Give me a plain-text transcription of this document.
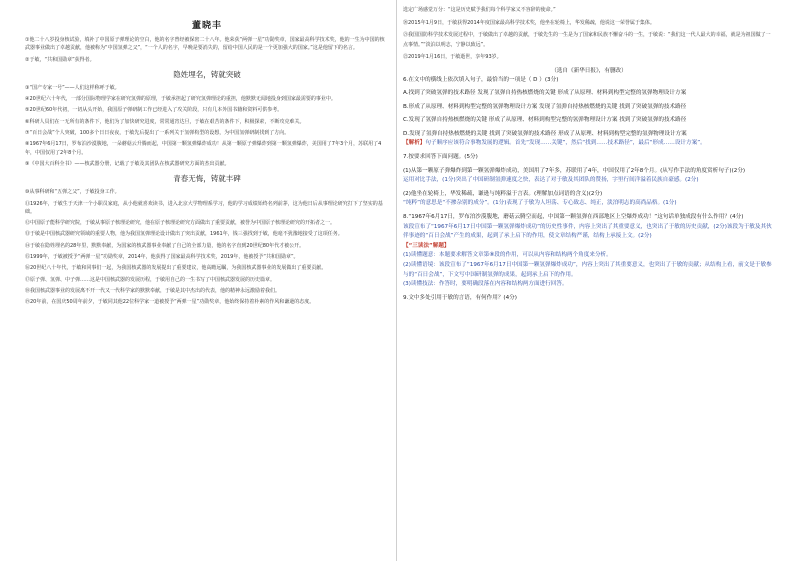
董晓丰

①他二十八岁投身核试验，填补了中国原子弹理论的空白，他的名字曾经被保密二十八年。他荣获“两弹一星”功勋奖章，国家最高科学技术奖，他的一生为中国的核武器事业做出了卓越贡献，他被称为“中国氢弹之父”，“一个人的名字，早晚是要消失的，留给中国人民的是一个更加强大的国家。”这是他留下的名言。

②于敏，“共和国勋章”获得者。

隐姓埋名，铸就突破

③“国产专家一号”——人们这样称呼于敏。

④20世纪六十年代，一部分国际物理学家在研究氢弹的原理，于敏承担起了研究氢弹理论的重担，他默默无闻地投身到国家最需要的事业中。

⑤20世纪60年代初，一切从头开始，我国原子弹研制工作已经进入了攻关阶段，只有几本外国书籍和资料可供参考。

⑥科研人员们在一无所有的条件下，他们为了加快研究进度，常常通宵达旦，于敏在艰苦的条件下，积极探索，不断攻克难关。

⑦“百日会战”个人突破，100多个日日夜夜，于敏先后提出了一系列关于氢弹构型的设想，为中国氢弹研制找到了方向。

⑧1967年6月17日，罗布泊沙漠腹地，一朵蘑菇云升腾而起，中国第一颗氢弹爆炸成功！从第一颗原子弹爆炸到第一颗氢弹爆炸，美国用了7年3个月，苏联用了4年，中国仅用了2年8个月。

⑨《中国大百科全书》——核武器分册，记载了于敏及其团队在核武器研究方面的杰出贡献。

青春无悔，铸就丰碑

⑩从事科研和“五弹之父”，于敏投身工作。

⑪1926年，于敏生于天津一个小职员家庭，从小他就喜欢读书，进入北京大学物理系学习，他的学习成绩始终名列前茅，这为他日后从事理论研究打下了坚实的基础。

⑫中国原子能科学研究院，于敏从事原子核理论研究，他在原子核理论研究方面做出了重要贡献，被誉为中国原子核理论研究的开拓者之一。

⑬于敏是中国核武器研究领域的重要人物，他为我国氢弹理论设计做出了突出贡献，1961年，钱三强找到于敏，他毫不犹豫地接受了这项任务。

⑭于敏在隐姓埋名的28年里，默默奉献，为国家的核武器事业奉献了自己的全部力量，他的名字直到20世纪80年代才被公开。

⑮1999年，于敏被授予“两弹一星”功勋奖章，2014年，他获得了国家最高科学技术奖，2019年，他被授予“共和国勋章”。

⑯20世纪八十年代，于敏和同事们一起，为我国核武器的发展提出了重要建议，他高瞻远瞩，为我国核武器事业的发展做出了重要贡献。

⑰原子弹、氢弹、中子弹……这是中国核武器的发展历程，于敏用自己的一生书写了中国核武器发展的历史篇章。

⑱我国核武器事业的发展离不开一代又一代科学家的默默奉献，于敏是其中杰出的代表，他的精神永远激励着我们。

⑲20年前，在国庆50周年前夕，于敏同其他22位科学家一道被授予“两弹一星”功勋奖章，他始终保持着朴素的作风和谦逊的态度。

选定广场感觉万分：“这是历史赋予我们每个科学家义不容辞的使命。”

⑳2015年1月9日，于敏获得2014年度国家最高科学技术奖，他坐在轮椅上，华发稀疏，他说这一荣誉属于集体。

㉑我国国防科学技术发展过程中，于敏做出了卓越的贡献，于敏先生的一生是为了国家和民族不懈奋斗的一生，于敏说：“我们这一代人最大的幸福，就是为祖国做了一点事情。”“淡泊以明志，宁静以致远”。

㉒2019年1月16日，于敏逝世，享年93岁。

（选自《新华日报》，有删改）

6.在文中的横线上依次填入句子，最恰当的一项是（ D ）(3分)

A.找到了突破氢弹的技术路径 发现了氢弹自持热核燃烧的关键 形成了从原理、材料到构型完整的氢弹物理设计方案

B.形成了从原理、材料到构型完整的氢弹物理设计方案 发现了氢弹自持热核燃烧的关键 找到了突破氢弹的技术路径

C.发现了氢弹自持热核燃烧的关键 形成了从原理、材料到构型完整的氢弹物理设计方案 找到了突破氢弹的技术路径

D.发现了氢弹自持热核燃烧的关键 找到了突破氢弹的技术路径 形成了从原理、材料到构型完整的氢弹物理设计方案

【解析】句子顺序应该符合事物发展的逻辑。首先“发现……关键”，然后“找到……技术路径”，最后“形成……设计方案”。

7.按要求回答下面问题。(5分)

(1)从第一颗原子弹爆炸到第一颗氢弹爆炸成功，美国用了7年多，苏联用了4年，中国仅用了2年8个月。(从写作手法的角度赏析句子)(2分)

运用对比手法，(1分)突出了中国研制氢弹速度之快，表达了对于敏及其团队的赞扬，字里行间洋溢着民族自豪感。(2分)

(2)他坐在轮椅上，华发稀疏，谦逊与纯粹溢于言表。(理解加点词语的含义)(2分)

“纯粹”的意思是“不掺杂别的成分”。(1分)表现了于敏为人坦荡、专心致志、纯正，淡泊明志的高尚品格。(1分)

8.“1967年6月17日，罗布泊沙漠腹地，蘑菇云腾空而起，中国第一颗氢弹在西部地区上空爆炸成功！”这句话单独成段有什么作用？(4分)

该段宣布了“1967年6月17日中国第一颗氢弹爆炸成功”的历史性事件，内容上突出了其重要意义，也突出了于敏的历史贡献，(2分)该段为于敏及其伙伴事迹的“百日会战”产生的成果，起到了承上启下的作用，使文章结构严谨，结构上承接上文。(2分)

【“三读法”解题】

(1)读懂题意：本题要求解答文章第⑧段的作用，可以从内容和结构两个角度来分析。

(2)读懂语境：该段宣布了“1967年6月17日中国第一颗氢弹爆炸成功”，内容上突出了其重要意义，也突出了于敏的贡献；从结构上看，前文是于敏参与的“百日会战”，下文写中国研制氢弹的成果，起到承上启下的作用。

(3)读懂技法：作答时，要明确段落在内容和结构两方面进行回答。

9.文中多处引用于敏的言语，有何作用？(4分)
